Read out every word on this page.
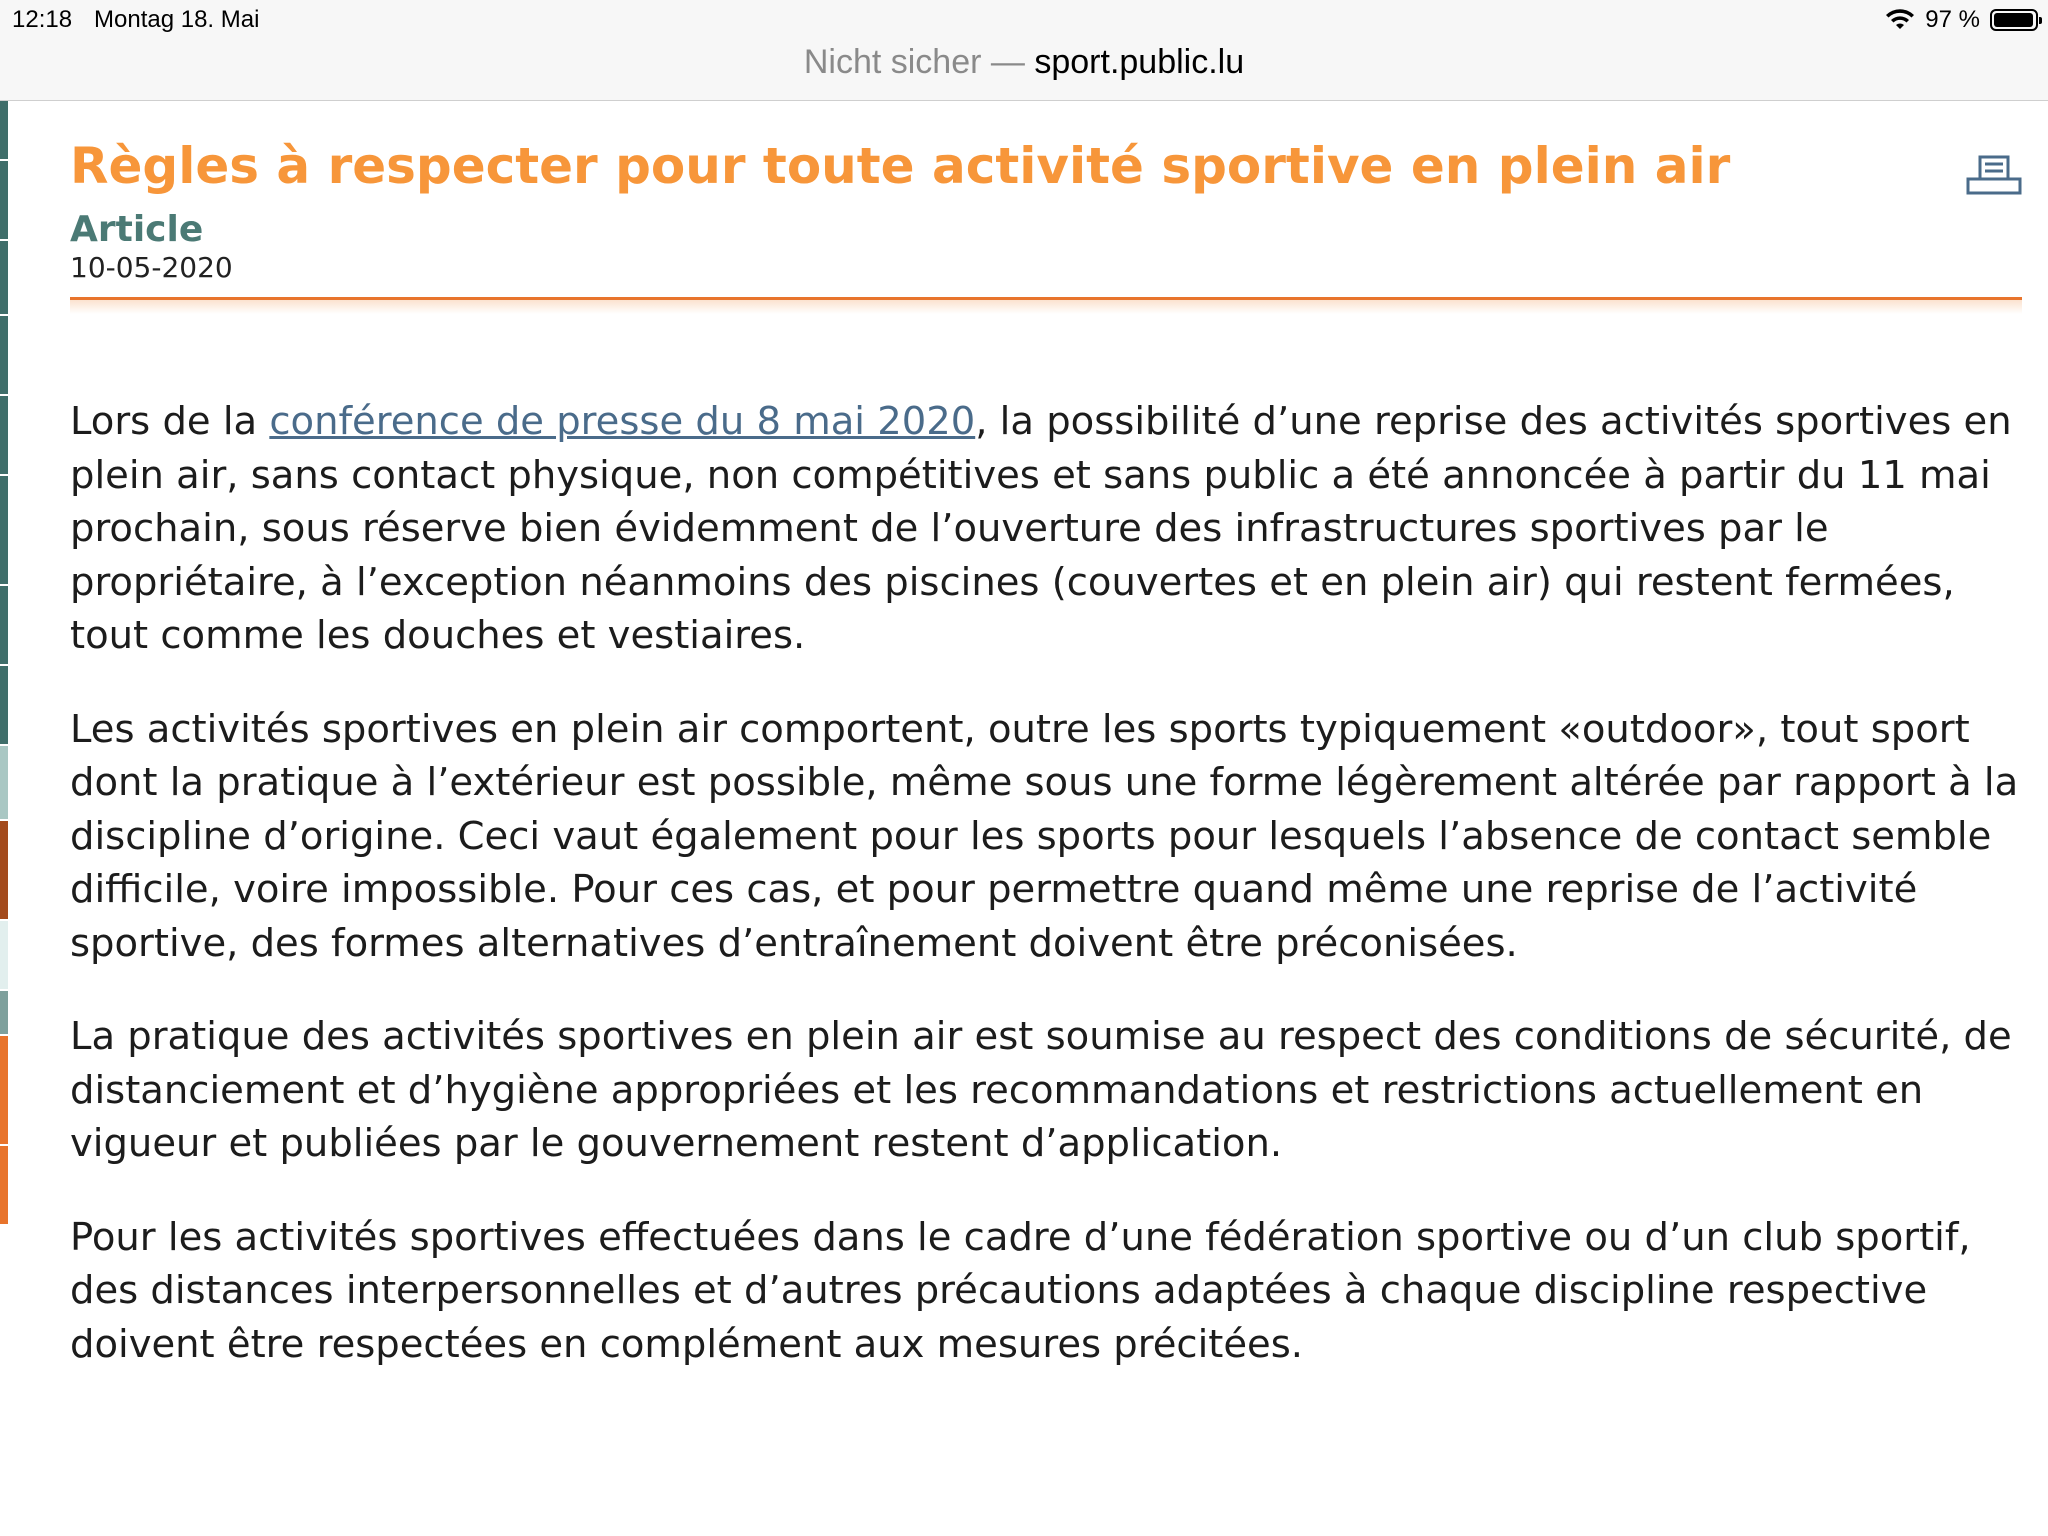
12:18 Montag 18. Mai	97 %
Nicht sicher — sport.public.lu
Règles à respecter pour toute activité sportive en plein air
Article
10-05-2020

Lors de la conférence de presse du 8 mai 2020, la possibilité d’une reprise des activités sportives en plein air, sans contact physique, non compétitives et sans public a été annoncée à partir du 11 mai prochain, sous réserve bien évidemment de l’ouverture des infrastructures sportives par le propriétaire, à l’exception néanmoins des piscines (couvertes et en plein air) qui restent fermées, tout comme les douches et vestiaires.

Les activités sportives en plein air comportent, outre les sports typiquement «outdoor», tout sport dont la pratique à l’extérieur est possible, même sous une forme légèrement altérée par rapport à la discipline d’origine. Ceci vaut également pour les sports pour lesquels l’absence de contact semble difficile, voire impossible. Pour ces cas, et pour permettre quand même une reprise de l’activité sportive, des formes alternatives d’entraînement doivent être préconisées.

La pratique des activités sportives en plein air est soumise au respect des conditions de sécurité, de distanciement et d’hygiène appropriées et les recommandations et restrictions actuellement en vigueur et publiées par le gouvernement restent d’application.

Pour les activités sportives effectuées dans le cadre d’une fédération sportive ou d’un club sportif, des distances interpersonnelles et d’autres précautions adaptées à chaque discipline respective doivent être respectées en complément aux mesures précitées.
